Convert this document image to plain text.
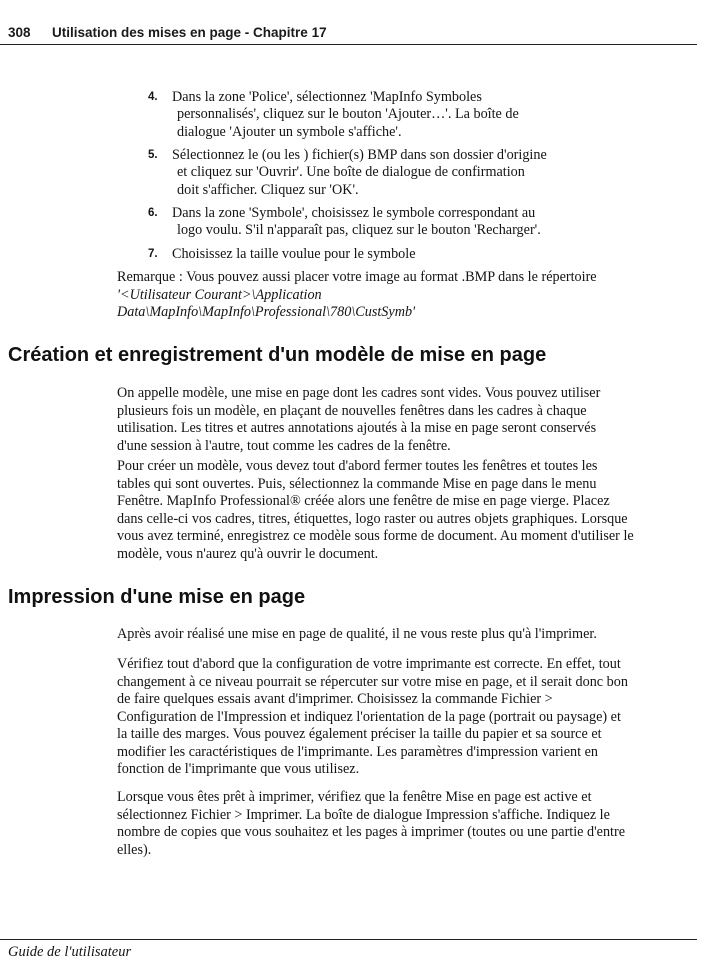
308 Utilisation des mises en page - Chapitre 17
4. Dans la zone 'Police', sélectionnez 'MapInfo Symboles
personnalisés', cliquez sur le bouton 'Ajouter…'. La boîte de
dialogue 'Ajouter un symbole s'affiche'.
5. Sélectionnez le (ou les ) fichier(s) BMP dans son dossier d'origine
et cliquez sur 'Ouvrir'. Une boîte de dialogue de confirmation
doit s'afficher. Cliquez sur 'OK'.
6. Dans la zone 'Symbole', choisissez le symbole correspondant au
logo voulu. S'il n'apparaît pas, cliquez sur le bouton 'Recharger'.
7. Choisissez la taille voulue pour le symbole
Remarque : Vous pouvez aussi placer votre image au format .BMP dans le répertoire
'<Utilisateur Courant>\Application
Data\MapInfo\MapInfo\Professional\780\CustSymb'
Création et enregistrement d'un modèle de mise en page
On appelle modèle, une mise en page dont les cadres sont vides. Vous pouvez utiliser
plusieurs fois un modèle, en plaçant de nouvelles fenêtres dans les cadres à chaque
utilisation. Les titres et autres annotations ajoutés à la mise en page seront conservés
d'une session à l'autre, tout comme les cadres de la fenêtre.
Pour créer un modèle, vous devez tout d'abord fermer toutes les fenêtres et toutes les
tables qui sont ouvertes. Puis, sélectionnez la commande Mise en page dans le menu
Fenêtre. MapInfo Professional® créée alors une fenêtre de mise en page vierge. Placez
dans celle-ci vos cadres, titres, étiquettes, logo raster ou autres objets graphiques. Lorsque
vous avez terminé, enregistrez ce modèle sous forme de document. Au moment d'utiliser le
modèle, vous n'aurez qu'à ouvrir le document.
Impression d'une mise en page
Après avoir réalisé une mise en page de qualité, il ne vous reste plus qu'à l'imprimer.
Vérifiez tout d'abord que la configuration de votre imprimante est correcte. En effet, tout
changement à ce niveau pourrait se répercuter sur votre mise en page, et il serait donc bon
de faire quelques essais avant d'imprimer. Choisissez la commande Fichier >
Configuration de l'Impression et indiquez l'orientation de la page (portrait ou paysage) et
la taille des marges. Vous pouvez également préciser la taille du papier et sa source et
modifier les caractéristiques de l'imprimante. Les paramètres d'impression varient en
fonction de l'imprimante que vous utilisez.
Lorsque vous êtes prêt à imprimer, vérifiez que la fenêtre Mise en page est active et
sélectionnez Fichier > Imprimer. La boîte de dialogue Impression s'affiche. Indiquez le
nombre de copies que vous souhaitez et les pages à imprimer (toutes ou une partie d'entre
elles).
Guide de l'utilisateur
